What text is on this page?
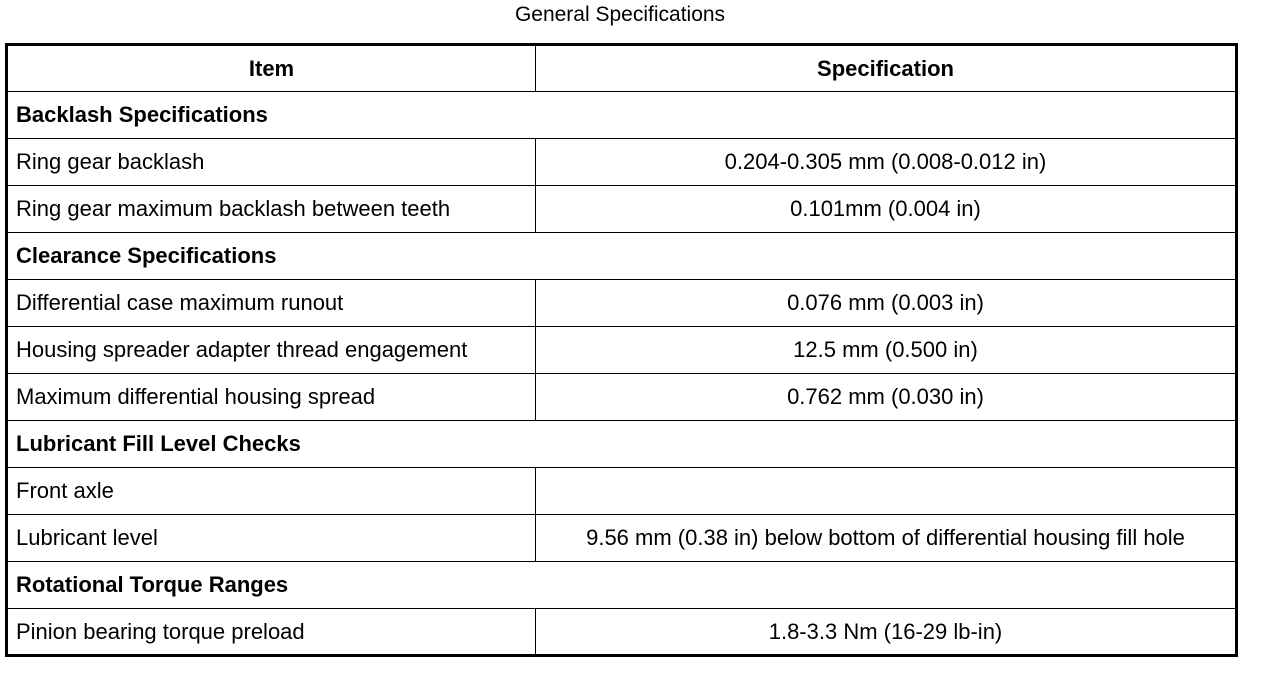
General Specifications
Item	Specification
Backlash Specifications	
Ring gear backlash	0.204-0.305 mm (0.008-0.012 in)
Ring gear maximum backlash between teeth	0.101mm (0.004 in)
Clearance Specifications	
Differential case maximum runout	0.076 mm (0.003 in)
Housing spreader adapter thread engagement	12.5 mm (0.500 in)
Maximum differential housing spread	0.762 mm (0.030 in)
Lubricant Fill Level Checks	
Front axle	
Lubricant level	9.56 mm (0.38 in) below bottom of differential housing fill hole
Rotational Torque Ranges	
Pinion bearing torque preload	1.8-3.3 Nm (16-29 lb-in)
